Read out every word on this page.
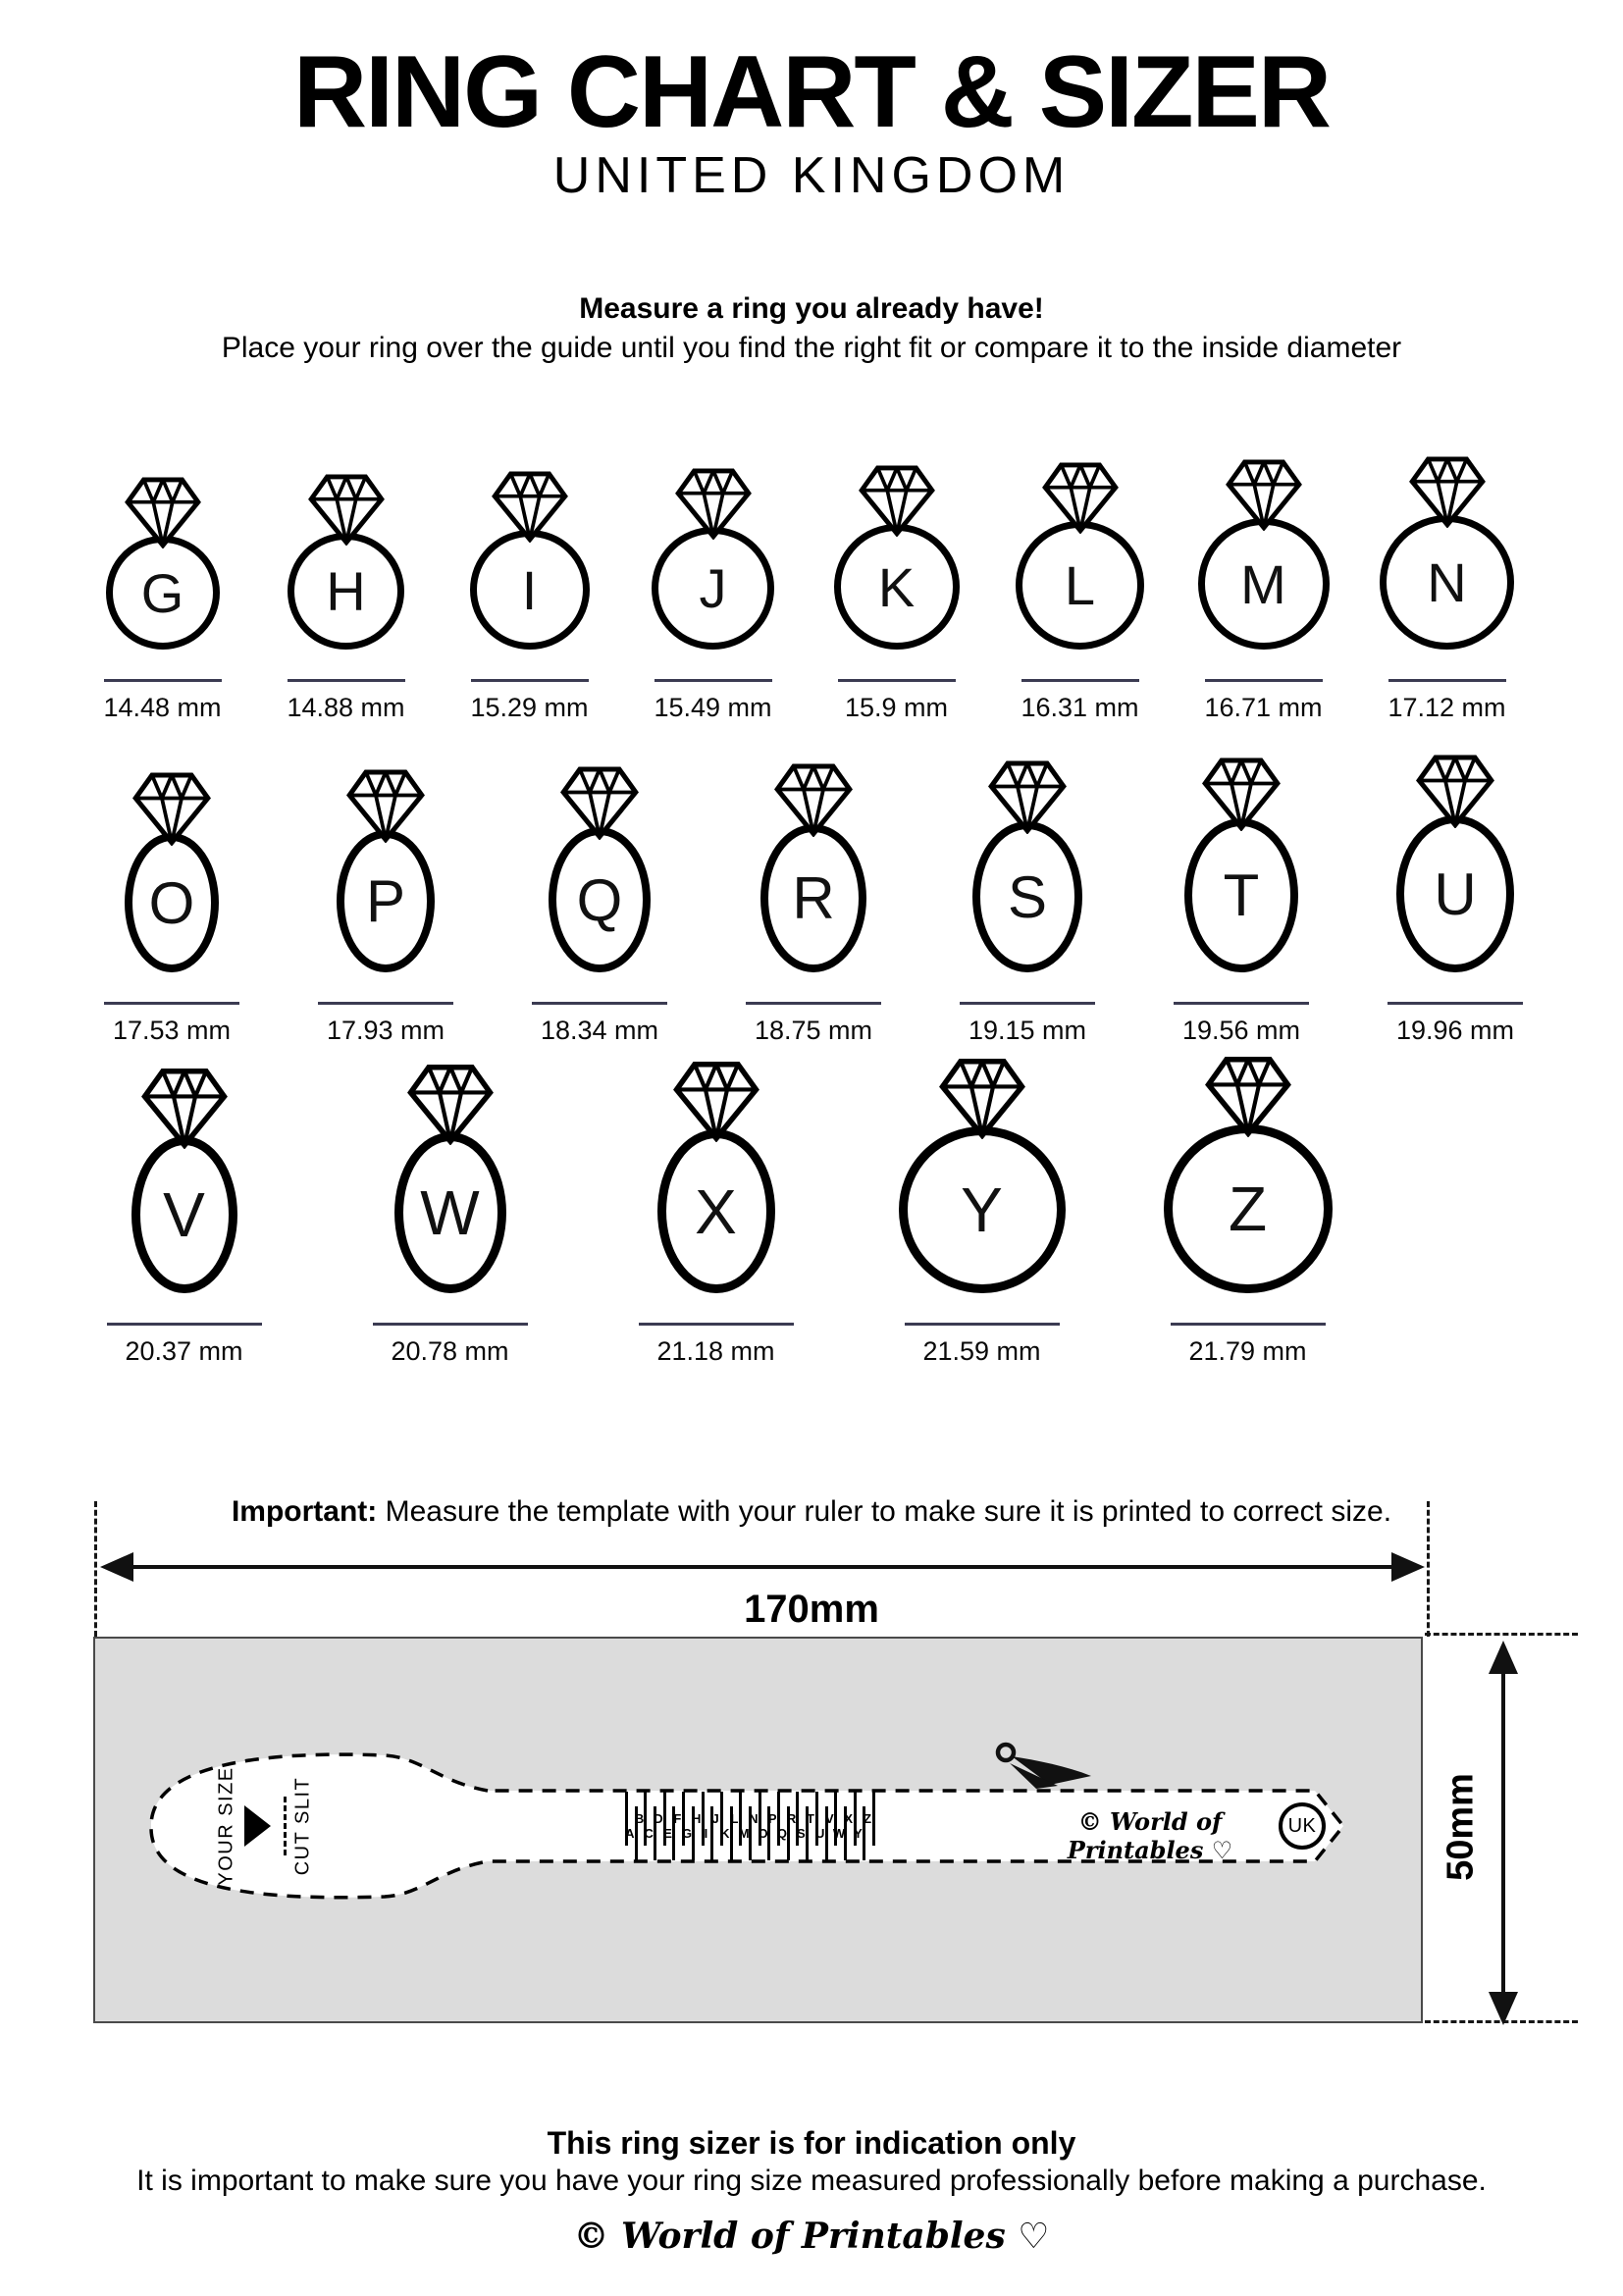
RING CHART & SIZER
UNITED KINGDOM
Measure a ring you already have!
Place your ring over the guide until you find the right fit or compare it to the inside diameter
G
14.48 mm
H
14.88 mm
I
15.29 mm
J
15.49 mm
K
15.9 mm
L
16.31 mm
M
16.71 mm
N
17.12 mm
O
17.53 mm
P
17.93 mm
Q
18.34 mm
R
18.75 mm
S
19.15 mm
T
19.56 mm
U
19.96 mm
V
20.37 mm
W
20.78 mm
X
21.18 mm
Y
21.59 mm
Z
21.79 mm
Important: Measure the template with your ruler to make sure it is printed to correct size.
170mm
YOUR SIZE	CUT SLIT	A
B
C
D
E
F
G
H
I
J
K
L
M
N
O
P
Q
R
S
T
U
V
W
X
Y
Z	© World of Printables ♡
UK	50mm
This ring sizer is for indication only
It is important to make sure you have your ring size measured professionally before making a purchase.
© World of Printables ♡
